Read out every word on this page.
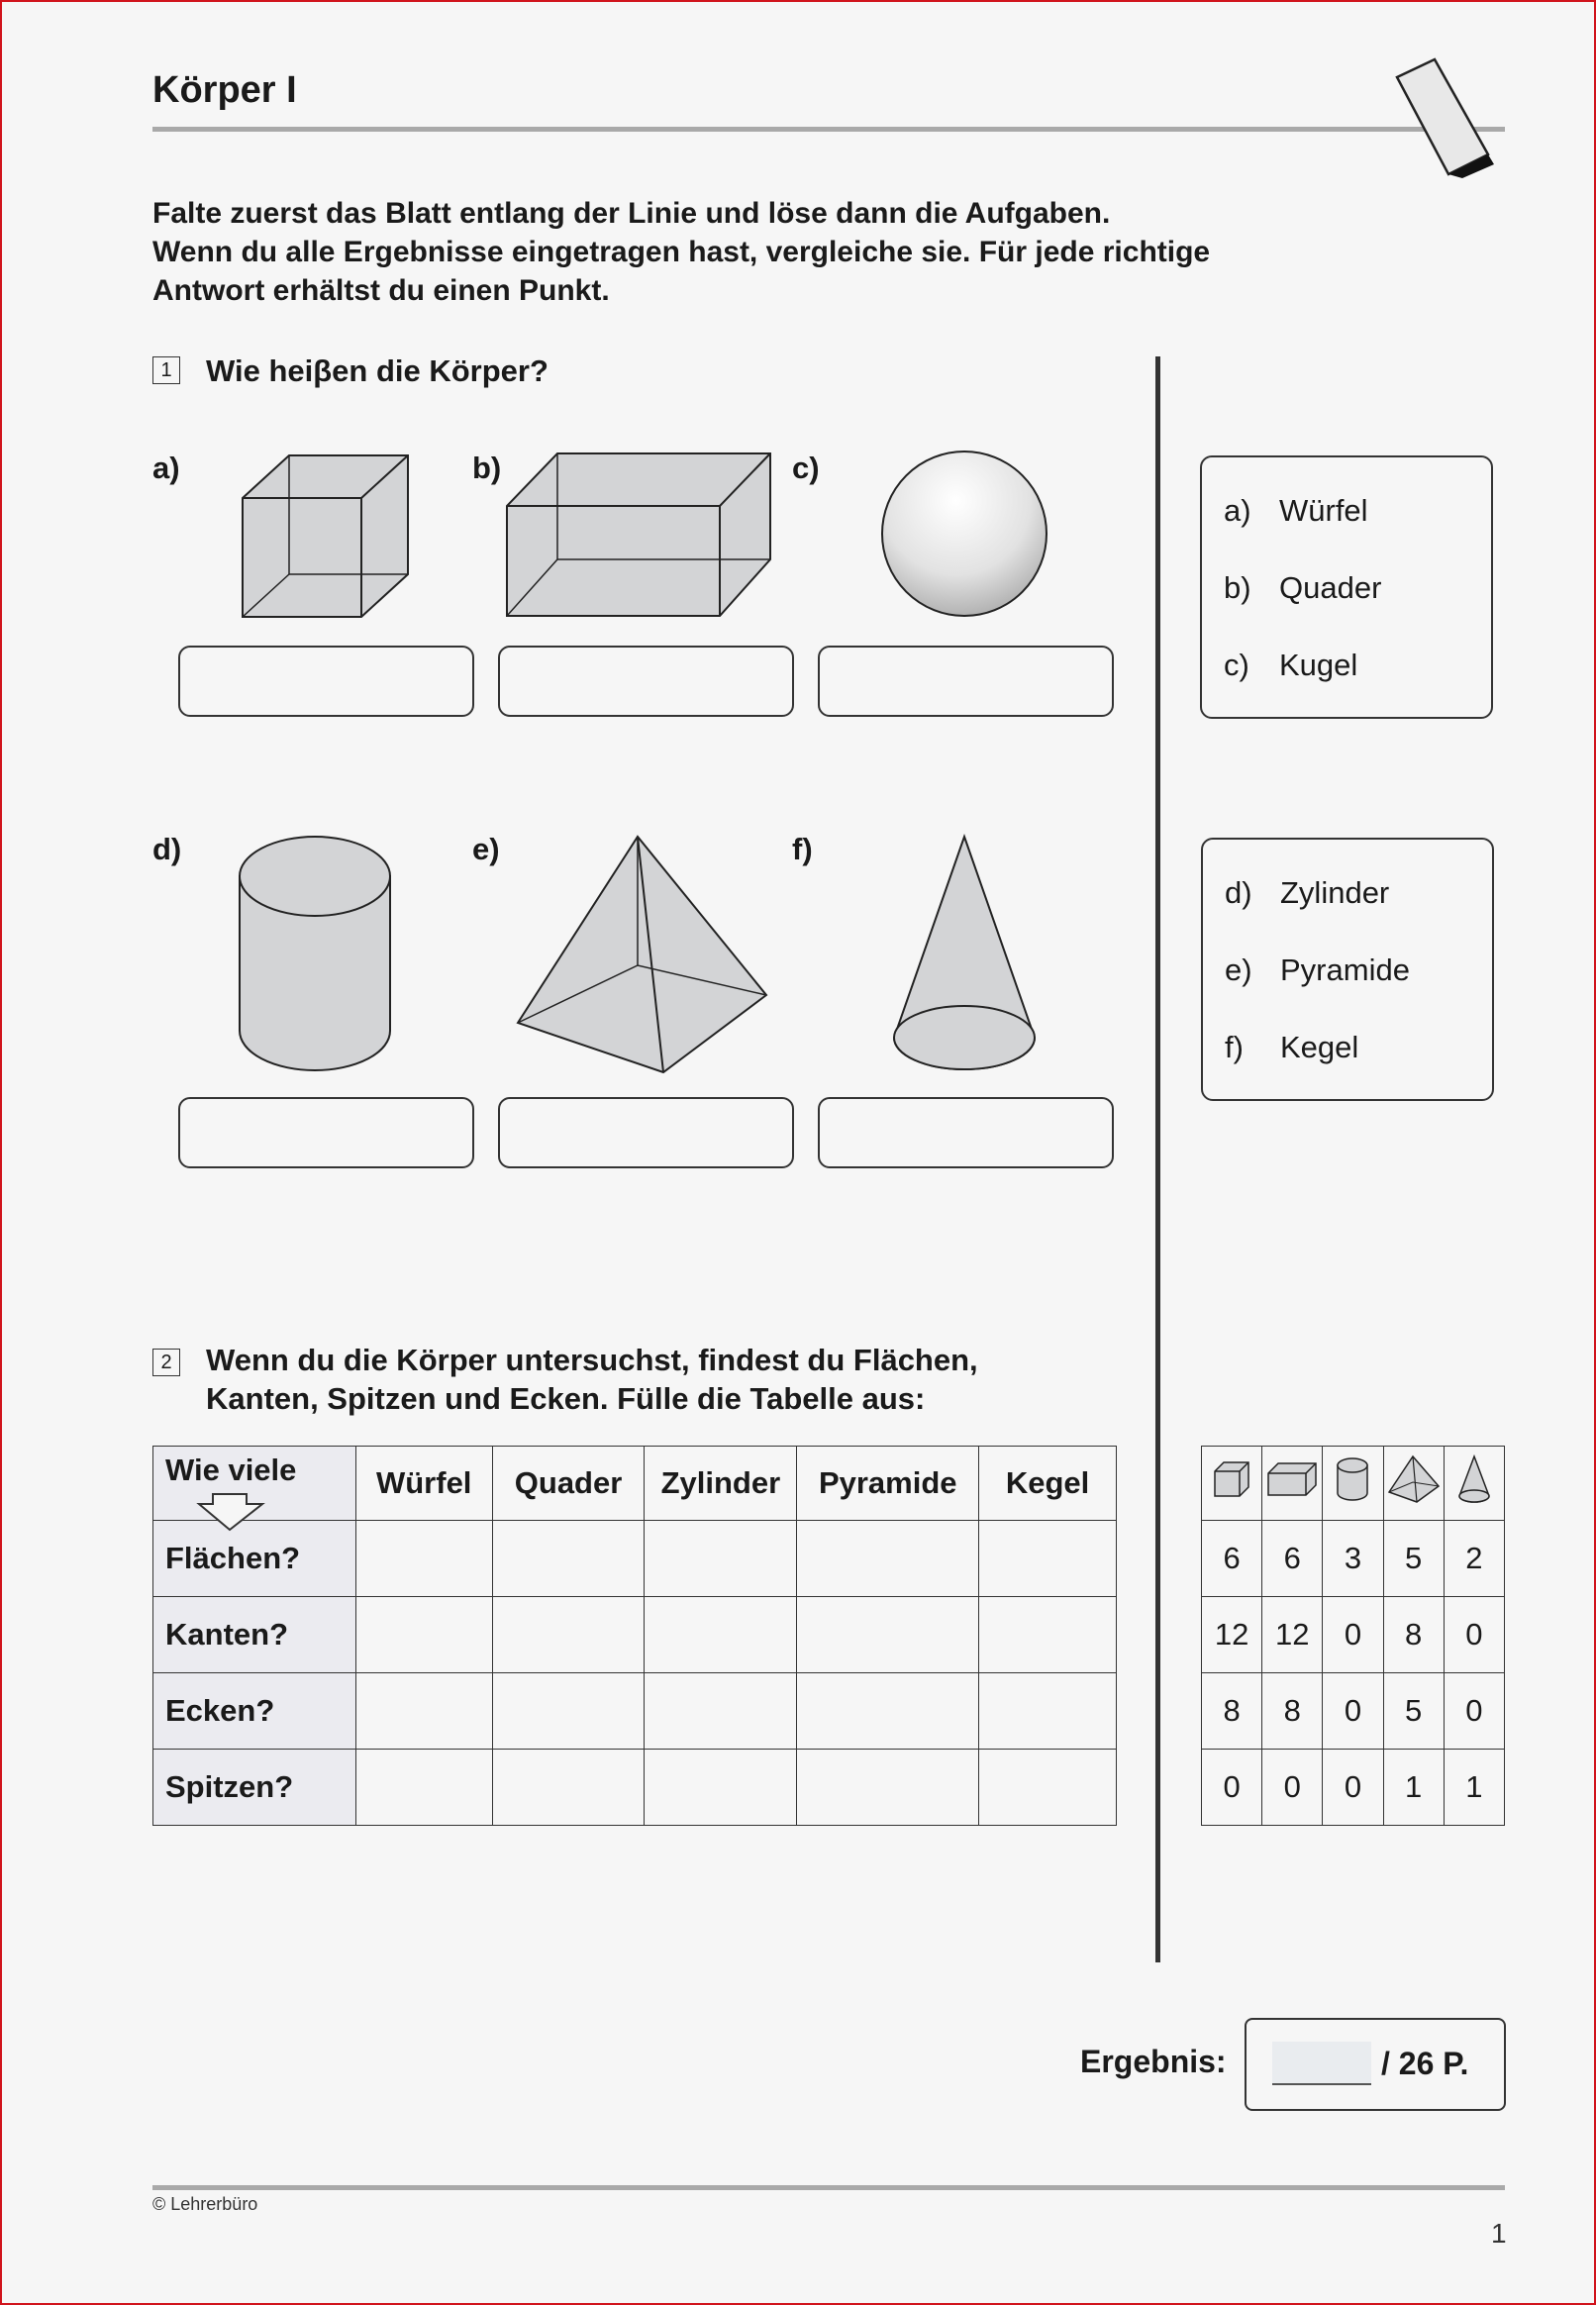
Körper I
Falte zuerst das Blatt entlang der Linie und löse dann die Aufgaben.
Wenn du alle Ergebnisse eingetragen hast, vergleiche sie. Für jede richtige
Antwort erhältst du einen Punkt.
1 Wie heiβen die Körper?
a)	b)	c)
d)	e)	f)
a) Würfel
b) Quader
c) Kugel
d) Zylinder
e) Pyramide
f) Kegel
2 Wenn du die Körper untersuchst, findest du Flächen,
Kanten, Spitzen und Ecken. Fülle die Tabelle aus:
Wie viele	Würfel	Quader	Zylinder	Pyramide	Kegel
Flächen?					
Kanten?					
Ecken?					
Spitzen?					

6	6	3	5	2
12	12	0	8	0
8	8	0	5	0
0	0	0	1	1
Ergebnis:	/ 26 P.
© Lehrerbüro
1
